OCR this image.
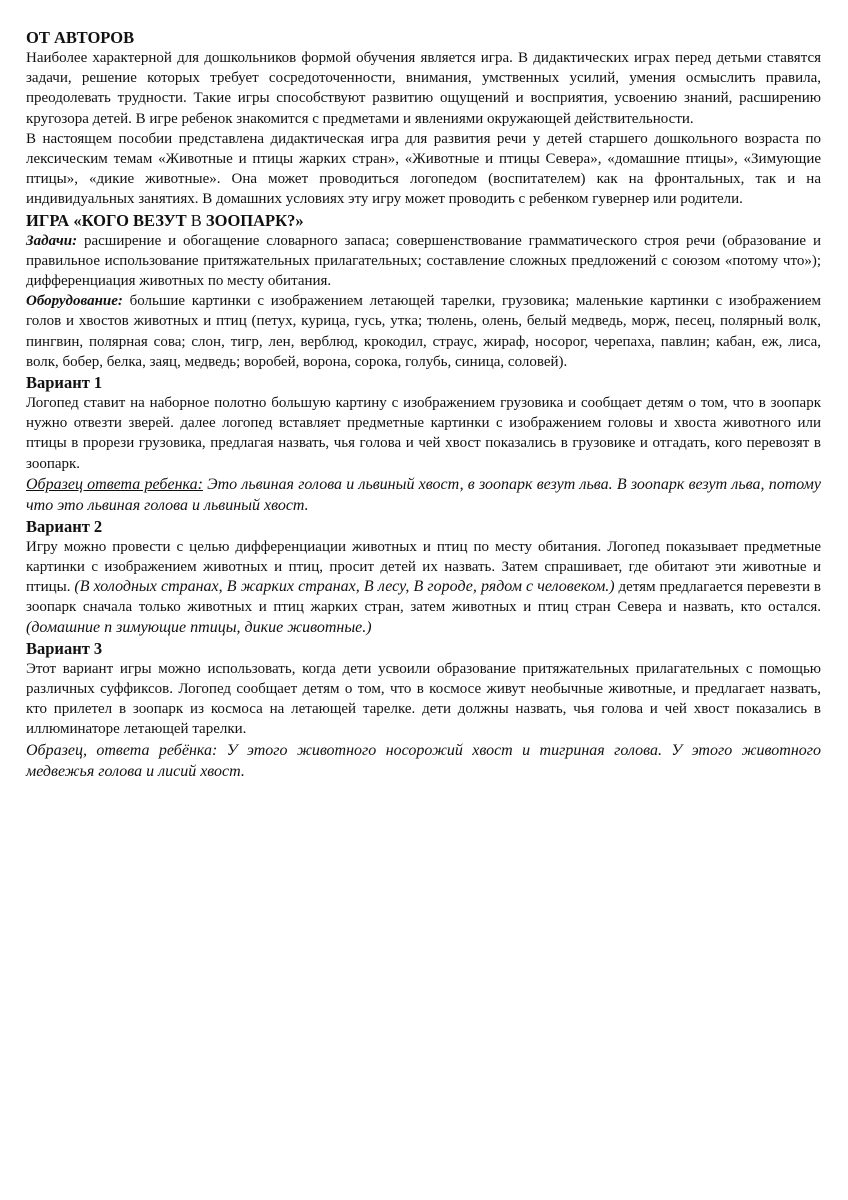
ОТ АВТОРОВ

Наиболее характерной для дошкольников формой обучения является игра. В дидактических играх перед детьми ставятся задачи, решение которых требует сосредоточенности, внимания, умственных усилий, умения осмыслить правила, преодолевать трудности. Такие игры способствуют развитию ощущений и восприятия, усвоению знаний, расширению кругозора детей. В игре ребенок знакомится с предметами и явлениями окружающей действительности.

В настоящем пособии представлена дидактическая игра для развития речи у детей старшего дошкольного возраста по лексическим темам «Животные и птицы жарких стран», «Животные и птицы Севера», «домашние птицы», «Зимующие птицы», «дикие животные». Она может проводиться логопедом (воспитателем) как на фронтальных, так и на индивидуальных занятиях. В домашних условиях эту игру может проводить с ребенком гувернер или родители.

ИГРА «КОГО ВЕЗУТ В ЗООПАРК?»

Задачи: расширение и обогащение словарного запаса; совершенствование грамматического строя речи (образование и правильное использование притяжательных прилагательных; составление сложных предложений с союзом «потому что»); дифференциация животных по месту обитания.

Оборудование: большие картинки с изображением летающей тарелки, грузовика; маленькие картинки с изображением голов и хвостов животных и птиц (петух, курица, гусь, утка; тюлень, олень, белый медведь, морж, песец, полярный волк, пингвин, полярная сова; слон, тигр, лен, верблюд, крокодил, страус, жираф, носорог, черепаха, павлин; кабан, еж, лиса, волк, бобер, белка, заяц, медведь; воробей, ворона, сорока, голубь, синица, соловей).

Вариант 1

Логопед ставит на наборное полотно большую картину с изображением грузовика и сообщает детям о том, что в зоопарк нужно отвезти зверей. далее логопед вставляет предметные картинки с изображением головы и хвоста животного или птицы в прорези грузовика, предлагая назвать, чья голова и чей хвост показались в грузовике и отгадать, кого перевозят в зоопарк.

Образец ответа ребенка: Это львиная голова и львиный хвост, в зоопарк везут льва. В зоопарк везут льва, потому что это львиная голова и львиный хвост.

Вариант 2

Игру можно провести с целью дифференциации животных и птиц по месту обитания. Логопед показывает предметные картинки с изображением животных и птиц, просит детей их назвать. Затем спрашивает, где обитают эти животные и птицы. (В холодных странах, В жарких странах, В лесу, В городе, рядом с человеком.) детям предлагается перевезти в зоопарк сначала только животных и птиц жарких стран, затем животных и птиц стран Севера и назвать, кто остался. (домашние п зимующие птицы, дикие животные.)

Вариант 3

Этот вариант игры можно использовать, когда дети усвоили образование притяжательных прилагательных с помощью различных суффиксов. Логопед сообщает детям о том, что в космосе живут необычные животные, и предлагает назвать, кто прилетел в зоопарк из космоса на летающей тарелке. дети должны назвать, чья голова и чей хвост показались в иллюминаторе летающей тарелки.

Образец, ответа ребёнка: У этого животного носорожий хвост и тигриная голова. У этого животного медвежья голова и лисий хвост.
